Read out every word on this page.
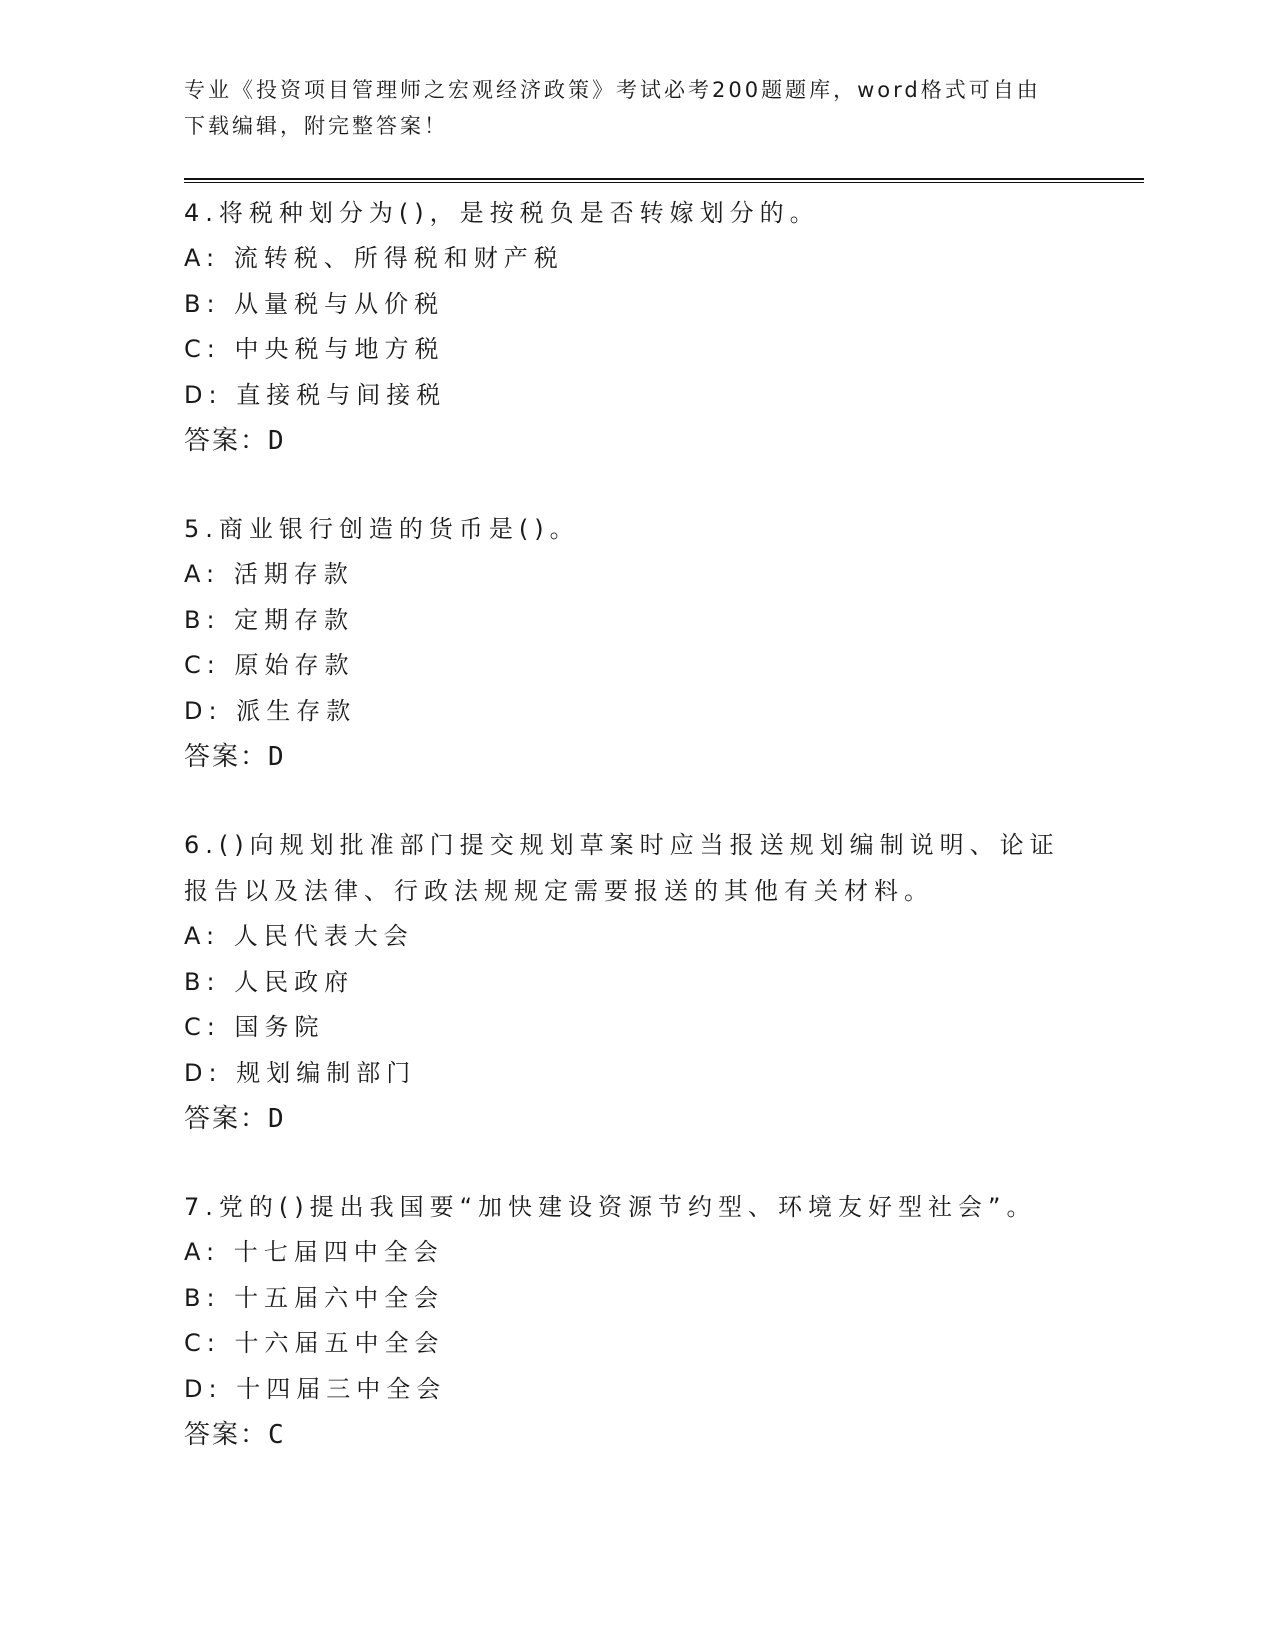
专业《投资项目管理师之宏观经济政策》考试必考200题题库，word格式可自由
下载编辑，附完整答案！
4.将税种划分为()，是按税负是否转嫁划分的。
A: 流转税、所得税和财产税
B: 从量税与从价税
C: 中央税与地方税
D: 直接税与间接税
答案：D
5.商业银行创造的货币是()。
A: 活期存款
B: 定期存款
C: 原始存款
D: 派生存款
答案：D
6.()向规划批准部门提交规划草案时应当报送规划编制说明、论证报告以及法律、行政法规规定需要报送的其他有关材料。
A: 人民代表大会
B: 人民政府
C: 国务院
D: 规划编制部门
答案：D
7.党的()提出我国要“加快建设资源节约型、环境友好型社会”。
A: 十七届四中全会
B: 十五届六中全会
C: 十六届五中全会
D: 十四届三中全会
答案：C
